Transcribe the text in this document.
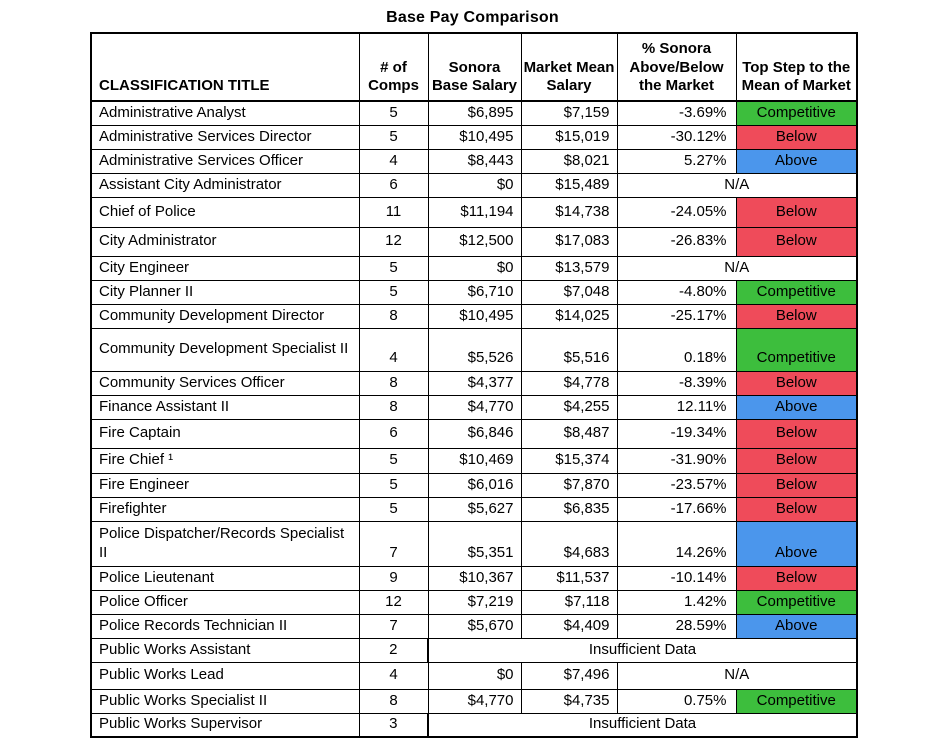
Base Pay Comparison
CLASSIFICATION TITLE	# of Comps	Sonora Base Salary	Market Mean Salary	% Sonora Above/Below the Market	Top Step to the Mean of Market
Administrative Analyst	5	$6,895	$7,159	-3.69%	Competitive
Administrative Services Director	5	$10,495	$15,019	-30.12%	Below
Administrative Services Officer	4	$8,443	$8,021	5.27%	Above
Assistant City Administrator	6	$0	$15,489	N/A	
Chief of Police	11	$11,194	$14,738	-24.05%	Below
City Administrator	12	$12,500	$17,083	-26.83%	Below
City Engineer	5	$0	$13,579	N/A	
City Planner II	5	$6,710	$7,048	-4.80%	Competitive
Community Development Director	8	$10,495	$14,025	-25.17%	Below
Community Development Specialist II	4	$5,526	$5,516	0.18%	Competitive
Community Services Officer	8	$4,377	$4,778	-8.39%	Below
Finance Assistant II	8	$4,770	$4,255	12.11%	Above
Fire Captain	6	$6,846	$8,487	-19.34%	Below
Fire Chief ¹	5	$10,469	$15,374	-31.90%	Below
Fire Engineer	5	$6,016	$7,870	-23.57%	Below
Firefighter	5	$5,627	$6,835	-17.66%	Below
Police Dispatcher/Records Specialist II	7	$5,351	$4,683	14.26%	Above
Police Lieutenant	9	$10,367	$11,537	-10.14%	Below
Police Officer	12	$7,219	$7,118	1.42%	Competitive
Police Records Technician II	7	$5,670	$4,409	28.59%	Above
Public Works Assistant	2	Insufficient Data			
Public Works Lead	4	$0	$7,496	N/A	
Public Works Specialist II	8	$4,770	$4,735	0.75%	Competitive
Public Works Supervisor	3	Insufficient Data			
